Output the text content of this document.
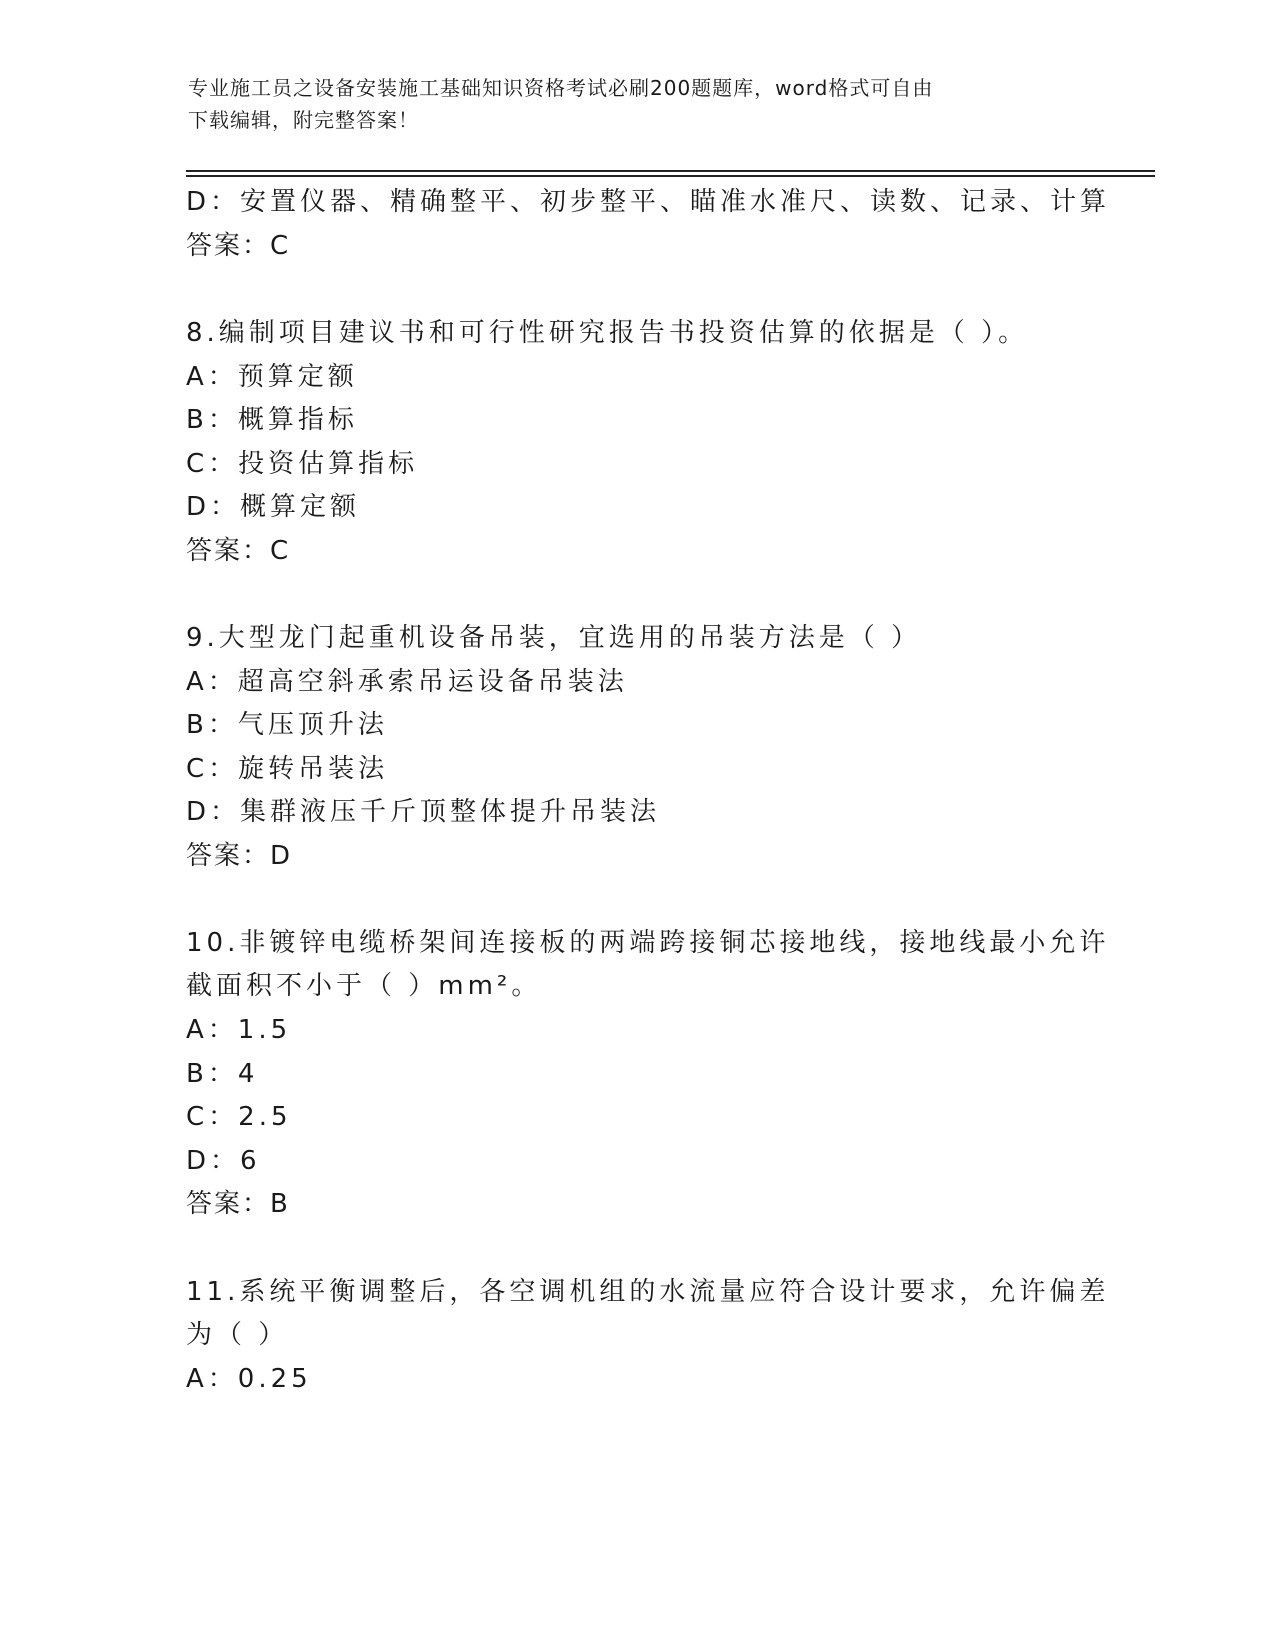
专业施工员之设备安装施工基础知识资格考试必刷200题题库，word格式可自由
下载编辑，附完整答案！
D：安置仪器、精确整平、初步整平、瞄准水准尺、读数、记录、计算
答案：C
8.编制项目建议书和可行性研究报告书投资估算的依据是（ ）。
A：预算定额
B：概算指标
C：投资估算指标
D：概算定额
答案：C
9.大型龙门起重机设备吊装，宜选用的吊装方法是（ ）
A：超高空斜承索吊运设备吊装法
B：气压顶升法
C：旋转吊装法
D：集群液压千斤顶整体提升吊装法
答案：D
10.非镀锌电缆桥架间连接板的两端跨接铜芯接地线，接地线最小允许
截面积不小于（ ）mm²。
A：1.5
B：4
C：2.5
D：6
答案：B
11.系统平衡调整后，各空调机组的水流量应符合设计要求，允许偏差
为（ ）
A：0.25
